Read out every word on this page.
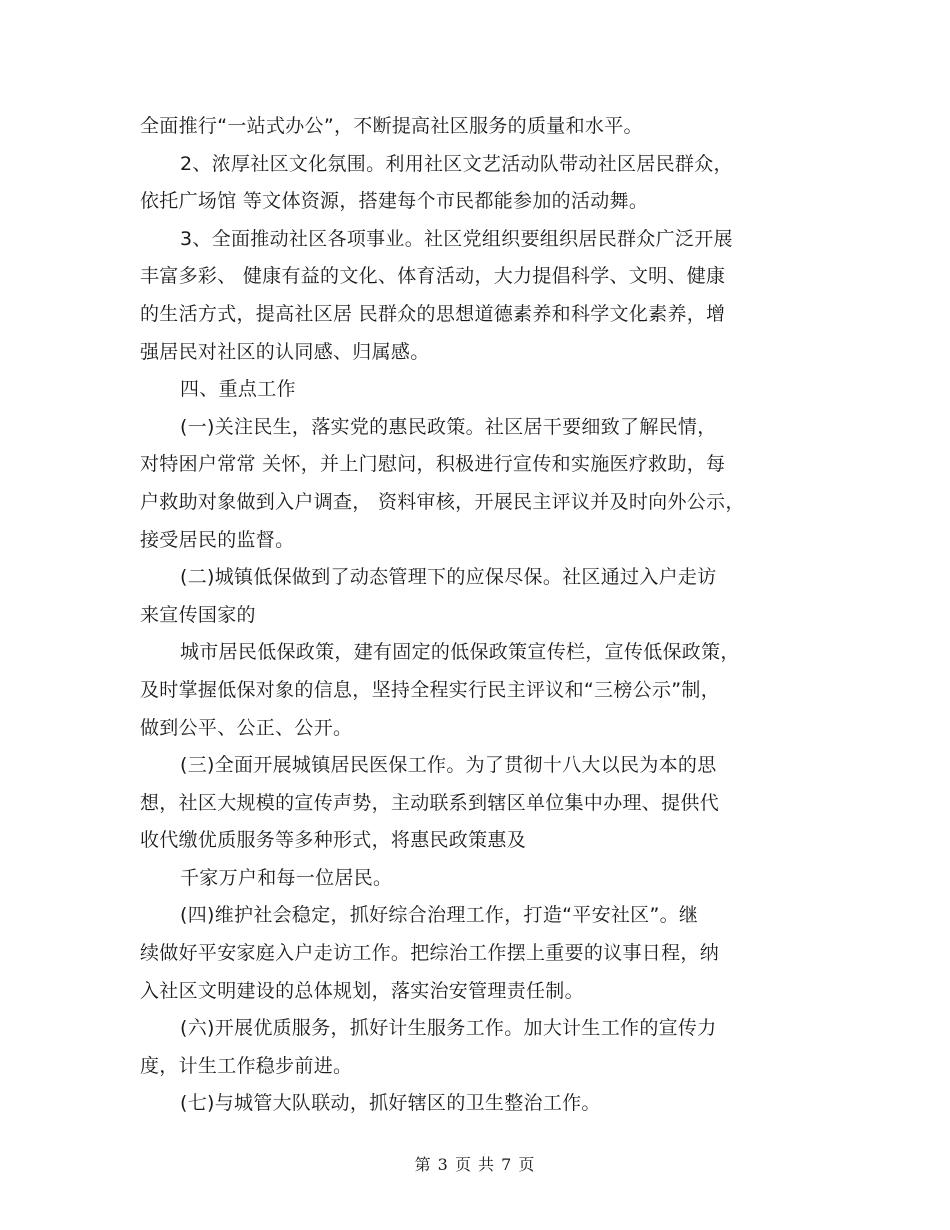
全面推行“一站式办公”，不断提高社区服务的质量和水平。

2、浓厚社区文化氛围。利用社区文艺活动队带动社区居民群众，

依托广场馆 等文体资源，搭建每个市民都能参加的活动舞。

3、全面推动社区各项事业。社区党组织要组织居民群众广泛开展

丰富多彩、 健康有益的文化、体育活动，大力提倡科学、文明、健康

的生活方式，提高社区居 民群众的思想道德素养和科学文化素养，增

强居民对社区的认同感、归属感。

四、重点工作

(一)关注民生，落实党的惠民政策。社区居干要细致了解民情，

对特困户常常 关怀，并上门慰问，积极进行宣传和实施医疗救助，每

户救助对象做到入户调查， 资料审核，开展民主评议并及时向外公示，

接受居民的监督。

(二)城镇低保做到了动态管理下的应保尽保。社区通过入户走访

来宣传国家的

城市居民低保政策，建有固定的低保政策宣传栏，宣传低保政策，

及时掌握低保对象的信息，坚持全程实行民主评议和“三榜公示”制，

做到公平、公正、公开。

(三)全面开展城镇居民医保工作。为了贯彻十八大以民为本的思

想，社区大规模的宣传声势，主动联系到辖区单位集中办理、提供代

收代缴优质服务等多种形式，将惠民政策惠及

千家万户和每一位居民。

(四)维护社会稳定，抓好综合治理工作，打造“平安社区”。继

续做好平安家庭入户走访工作。把综治工作摆上重要的议事日程，纳

入社区文明建设的总体规划，落实治安管理责任制。

(六)开展优质服务，抓好计生服务工作。加大计生工作的宣传力

度，计生工作稳步前进。

(七)与城管大队联动，抓好辖区的卫生整治工作。

第 3 页 共 7 页
